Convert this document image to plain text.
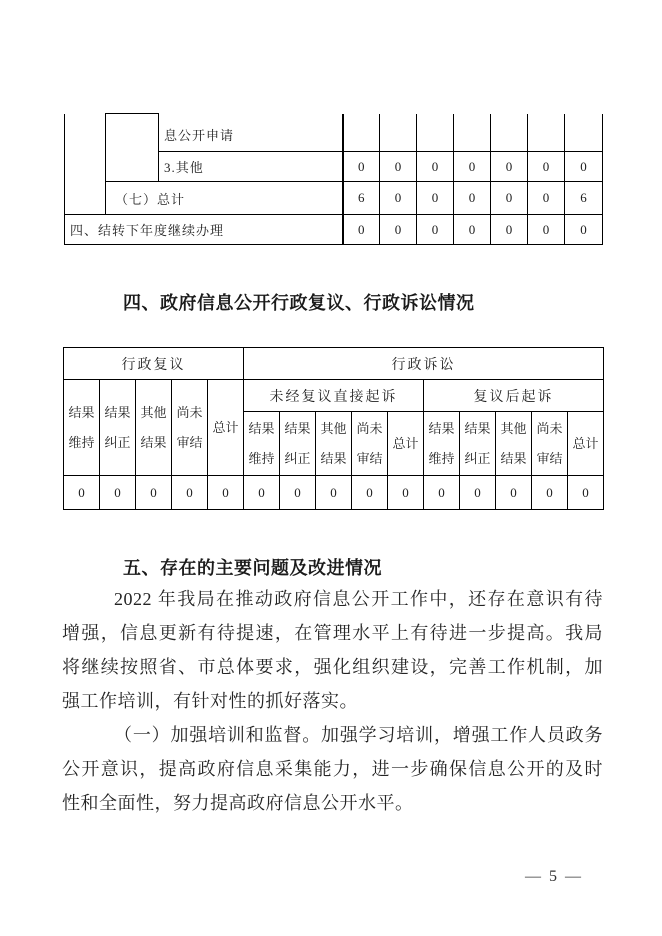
		息公开申请							
		3.其他	0	0	0	0	0	0	0
	（七）总计		6	0	0	0	0	0	6
四、结转下年度继续办理			0	0	0	0	0	0	0
四、政府信息公开行政复议、行政诉讼情况
行政复议					行政诉讼									
结果维持	结果纠正	其他结果	尚未审结	总计	未经复议直接起诉					复议后起诉				
					结果维持	结果纠正	其他结果	尚未审结	总计	结果维持	结果纠正	其他结果	尚未审结	总计
0	0	0	0	0	0	0	0	0	0	0	0	0	0	0
五、存在的主要问题及改进情况
2022 年我局在推动政府信息公开工作中，还存在意识有待
增强，信息更新有待提速，在管理水平上有待进一步提高。我局
将继续按照省、市总体要求，强化组织建设，完善工作机制，加
强工作培训，有针对性的抓好落实。
（一）加强培训和监督。加强学习培训，增强工作人员政务
公开意识，提高政府信息采集能力，进一步确保信息公开的及时
性和全面性，努力提高政府信息公开水平。
— 5 —
